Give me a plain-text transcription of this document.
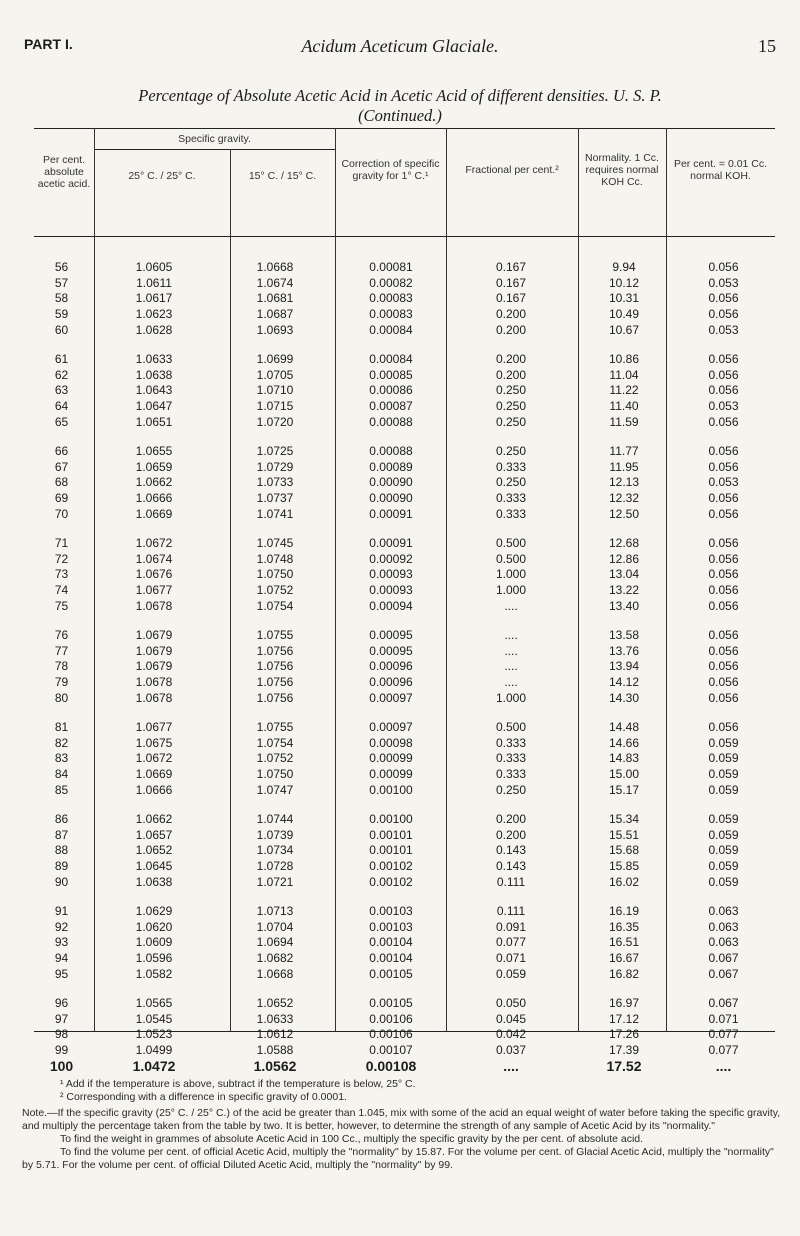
PART I.	Acidum Aceticum Glaciale.	15
Percentage of Absolute Acetic Acid in Acetic Acid of different densities. U. S. P.
(Continued.)
Per cent. absolute acetic acid.
Specific gravity.
25° C. / 25° C.	15° C. / 15° C.
Correction of specific gravity for 1° C.¹	Fractional per cent.²
Normality. 1 Cc. requires normal KOH Cc.
Per cent. = 0.01 Cc. normal KOH.
56	1.0605	1.0668	0.00081	0.167	9.94	0.056
57	1.0611	1.0674	0.00082	0.167	10.12	0.053
58	1.0617	1.0681	0.00083	0.167	10.31	0.056
59	1.0623	1.0687	0.00083	0.200	10.49	0.056
60	1.0628	1.0693	0.00084	0.200	10.67	0.053
61	1.0633	1.0699	0.00084	0.200	10.86	0.056
62	1.0638	1.0705	0.00085	0.200	11.04	0.056
63	1.0643	1.0710	0.00086	0.250	11.22	0.056
64	1.0647	1.0715	0.00087	0.250	11.40	0.053
65	1.0651	1.0720	0.00088	0.250	11.59	0.056
66	1.0655	1.0725	0.00088	0.250	11.77	0.056
67	1.0659	1.0729	0.00089	0.333	11.95	0.056
68	1.0662	1.0733	0.00090	0.250	12.13	0.053
69	1.0666	1.0737	0.00090	0.333	12.32	0.056
70	1.0669	1.0741	0.00091	0.333	12.50	0.056
71	1.0672	1.0745	0.00091	0.500	12.68	0.056
72	1.0674	1.0748	0.00092	0.500	12.86	0.056
73	1.0676	1.0750	0.00093	1.000	13.04	0.056
74	1.0677	1.0752	0.00093	1.000	13.22	0.056
75	1.0678	1.0754	0.00094	....	13.40	0.056
76	1.0679	1.0755	0.00095	....	13.58	0.056
77	1.0679	1.0756	0.00095	....	13.76	0.056
78	1.0679	1.0756	0.00096	....	13.94	0.056
79	1.0678	1.0756	0.00096	....	14.12	0.056
80	1.0678	1.0756	0.00097	1.000	14.30	0.056
81	1.0677	1.0755	0.00097	0.500	14.48	0.056
82	1.0675	1.0754	0.00098	0.333	14.66	0.059
83	1.0672	1.0752	0.00099	0.333	14.83	0.059
84	1.0669	1.0750	0.00099	0.333	15.00	0.059
85	1.0666	1.0747	0.00100	0.250	15.17	0.059
86	1.0662	1.0744	0.00100	0.200	15.34	0.059
87	1.0657	1.0739	0.00101	0.200	15.51	0.059
88	1.0652	1.0734	0.00101	0.143	15.68	0.059
89	1.0645	1.0728	0.00102	0.143	15.85	0.059
90	1.0638	1.0721	0.00102	0.111	16.02	0.059
91	1.0629	1.0713	0.00103	0.111	16.19	0.063
92	1.0620	1.0704	0.00103	0.091	16.35	0.063
93	1.0609	1.0694	0.00104	0.077	16.51	0.063
94	1.0596	1.0682	0.00104	0.071	16.67	0.067
95	1.0582	1.0668	0.00105	0.059	16.82	0.067
96	1.0565	1.0652	0.00105	0.050	16.97	0.067
97	1.0545	1.0633	0.00106	0.045	17.12	0.071
98	1.0523	1.0612	0.00106	0.042	17.26	0.077
99	1.0499	1.0588	0.00107	0.037	17.39	0.077
100	1.0472	1.0562	0.00108	....	17.52	....

¹ Add if the temperature is above, subtract if the temperature is below, 25° C.

² Corresponding with a difference in specific gravity of 0.0001.

Note.—If the specific gravity (25° C. / 25° C.) of the acid be greater than 1.045, mix with some of the acid an equal weight of water before taking the specific gravity, and multiply the percentage taken from the table by two. It is better, however, to determine the strength of any sample of Acetic Acid by its "normality."

To find the weight in grammes of absolute Acetic Acid in 100 Cc., multiply the specific gravity by the per cent. of absolute acid.

To find the volume per cent. of official Acetic Acid, multiply the "normality" by 15.87. For the volume per cent. of Glacial Acetic Acid, multiply the "normality" by 5.71. For the volume per cent. of official Diluted Acetic Acid, multiply the "normality" by 99.
